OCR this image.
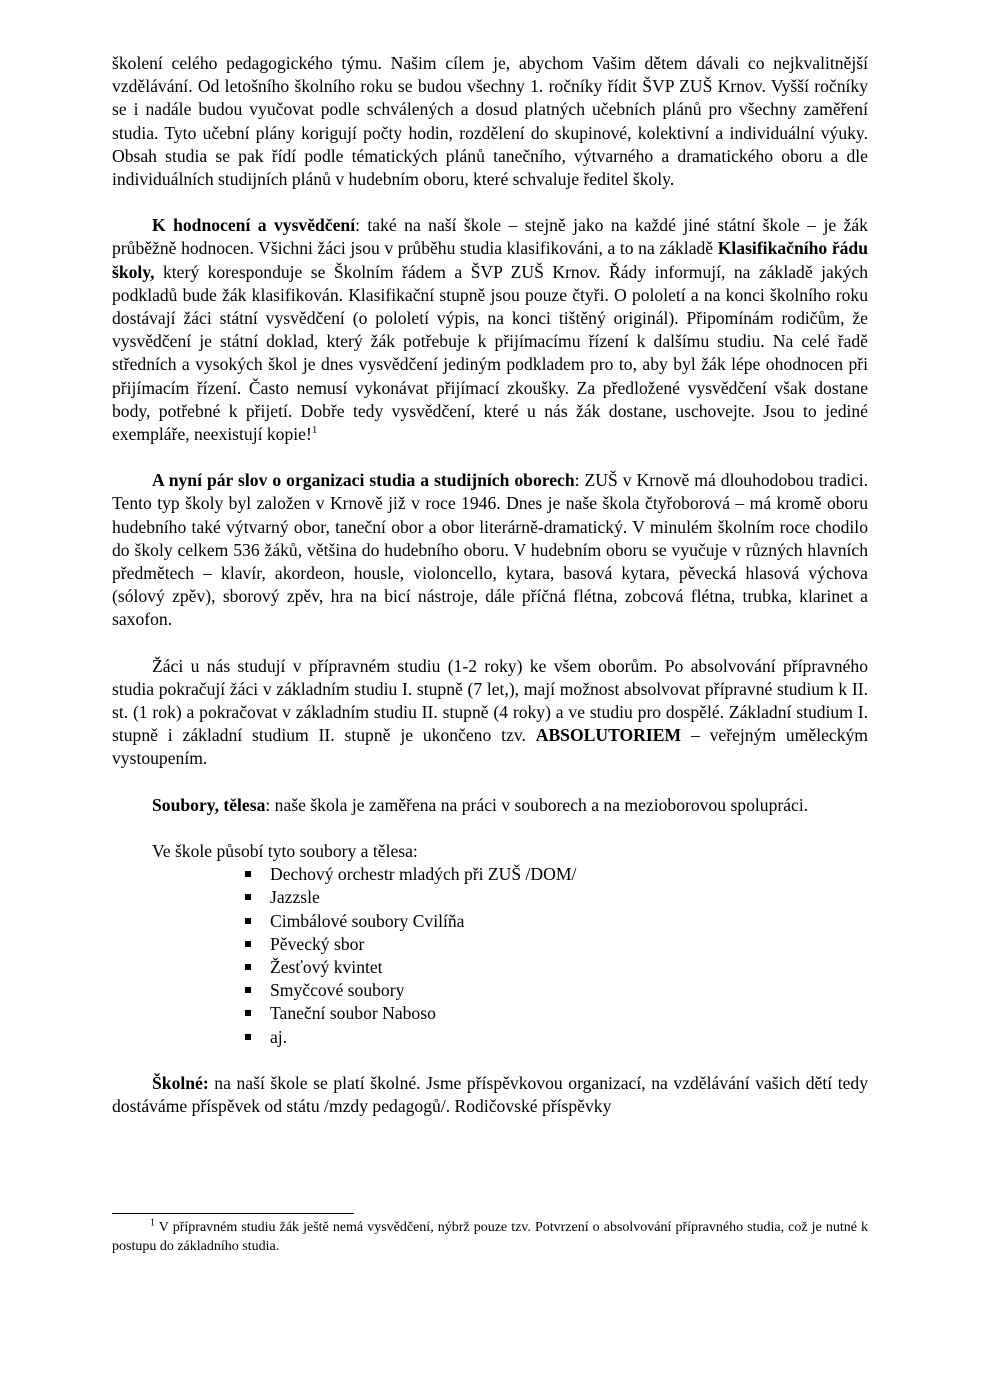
školení celého pedagogického týmu. Našim cílem je, abychom Vašim dětem dávali co nejkvalitnější vzdělávání. Od letošního školního roku se budou všechny 1. ročníky řídit ŠVP ZUŠ Krnov. Vyšší ročníky se i nadále budou vyučovat podle schválených a dosud platných učebních plánů pro všechny zaměření studia. Tyto učební plány korigují počty hodin, rozdělení do skupinové, kolektivní a individuální výuky. Obsah studia se pak řídí podle tématických plánů tanečního, výtvarného a dramatického oboru a dle individuálních studijních plánů v hudebním oboru, které schvaluje ředitel školy.

K hodnocení a vysvědčení: také na naší škole – stejně jako na každé jiné státní škole – je žák průběžně hodnocen. Všichni žáci jsou v průběhu studia klasifikováni, a to na základě Klasifikačního řádu školy, který koresponduje se Školním řádem a ŠVP ZUŠ Krnov. Řády informují, na základě jakých podkladů bude žák klasifikován. Klasifikační stupně jsou pouze čtyři. O pololetí a na konci školního roku dostávají žáci státní vysvědčení (o pololetí výpis, na konci tištěný originál). Připomínám rodičům, že vysvědčení je státní doklad, který žák potřebuje k přijímacímu řízení k dalšímu studiu. Na celé řadě středních a vysokých škol je dnes vysvědčení jediným podkladem pro to, aby byl žák lépe ohodnocen při přijímacím řízení. Často nemusí vykonávat přijímací zkoušky. Za předložené vysvědčení však dostane body, potřebné k přijetí. Dobře tedy vysvědčení, které u nás žák dostane, uschovejte. Jsou to jediné exempláře, neexistují kopie!$^1$

A nyní pár slov o organizaci studia a studijních oborech: ZUŠ v Krnově má dlouhodobou tradici. Tento typ školy byl založen v Krnově již v roce 1946. Dnes je naše škola čtyřoborová – má kromě oboru hudebního také výtvarný obor, taneční obor a obor literárně-dramatický. V minulém školním roce chodilo do školy celkem 536 žáků, většina do hudebního oboru. V hudebním oboru se vyučuje v různých hlavních předmětech – klavír, akordeon, housle, violoncello, kytara, basová kytara, pěvecká hlasová výchova (sólový zpěv), sborový zpěv, hra na bicí nástroje, dále příčná flétna, zobcová flétna, trubka, klarinet a saxofon.

Žáci u nás studují v přípravném studiu (1-2 roky) ke všem oborům. Po absolvování přípravného studia pokračují žáci v základním studiu I. stupně (7 let,), mají možnost absolvovat přípravné studium k II. st. (1 rok) a pokračovat v základním studiu II. stupně (4 roky) a ve studiu pro dospělé. Základní studium I. stupně i základní studium II. stupně je ukončeno tzv. ABSOLUTORIEM – veřejným uměleckým vystoupením.

Soubory, tělesa: naše škola je zaměřena na práci v souborech a na mezioborovou spolupráci.

Ve škole působí tyto soubory a tělesa:
Dechový orchestr mladých při ZUŠ /DOM/
Jazzsle
Cimbálové soubory Cvilíňa
Pěvecký sbor
Žesťový kvintet
Smyčcové soubory
Taneční soubor Naboso
aj.

Školné: na naší škole se platí školné. Jsme příspěvkovou organizací, na vzdělávání vašich dětí tedy dostáváme příspěvek od státu /mzdy pedagogů/. Rodičovské příspěvky

$^1$ V přípravném studiu žák ještě nemá vysvědčení, nýbrž pouze tzv. Potvrzení o absolvování přípravného studia, což je nutné k postupu do základního studia.
